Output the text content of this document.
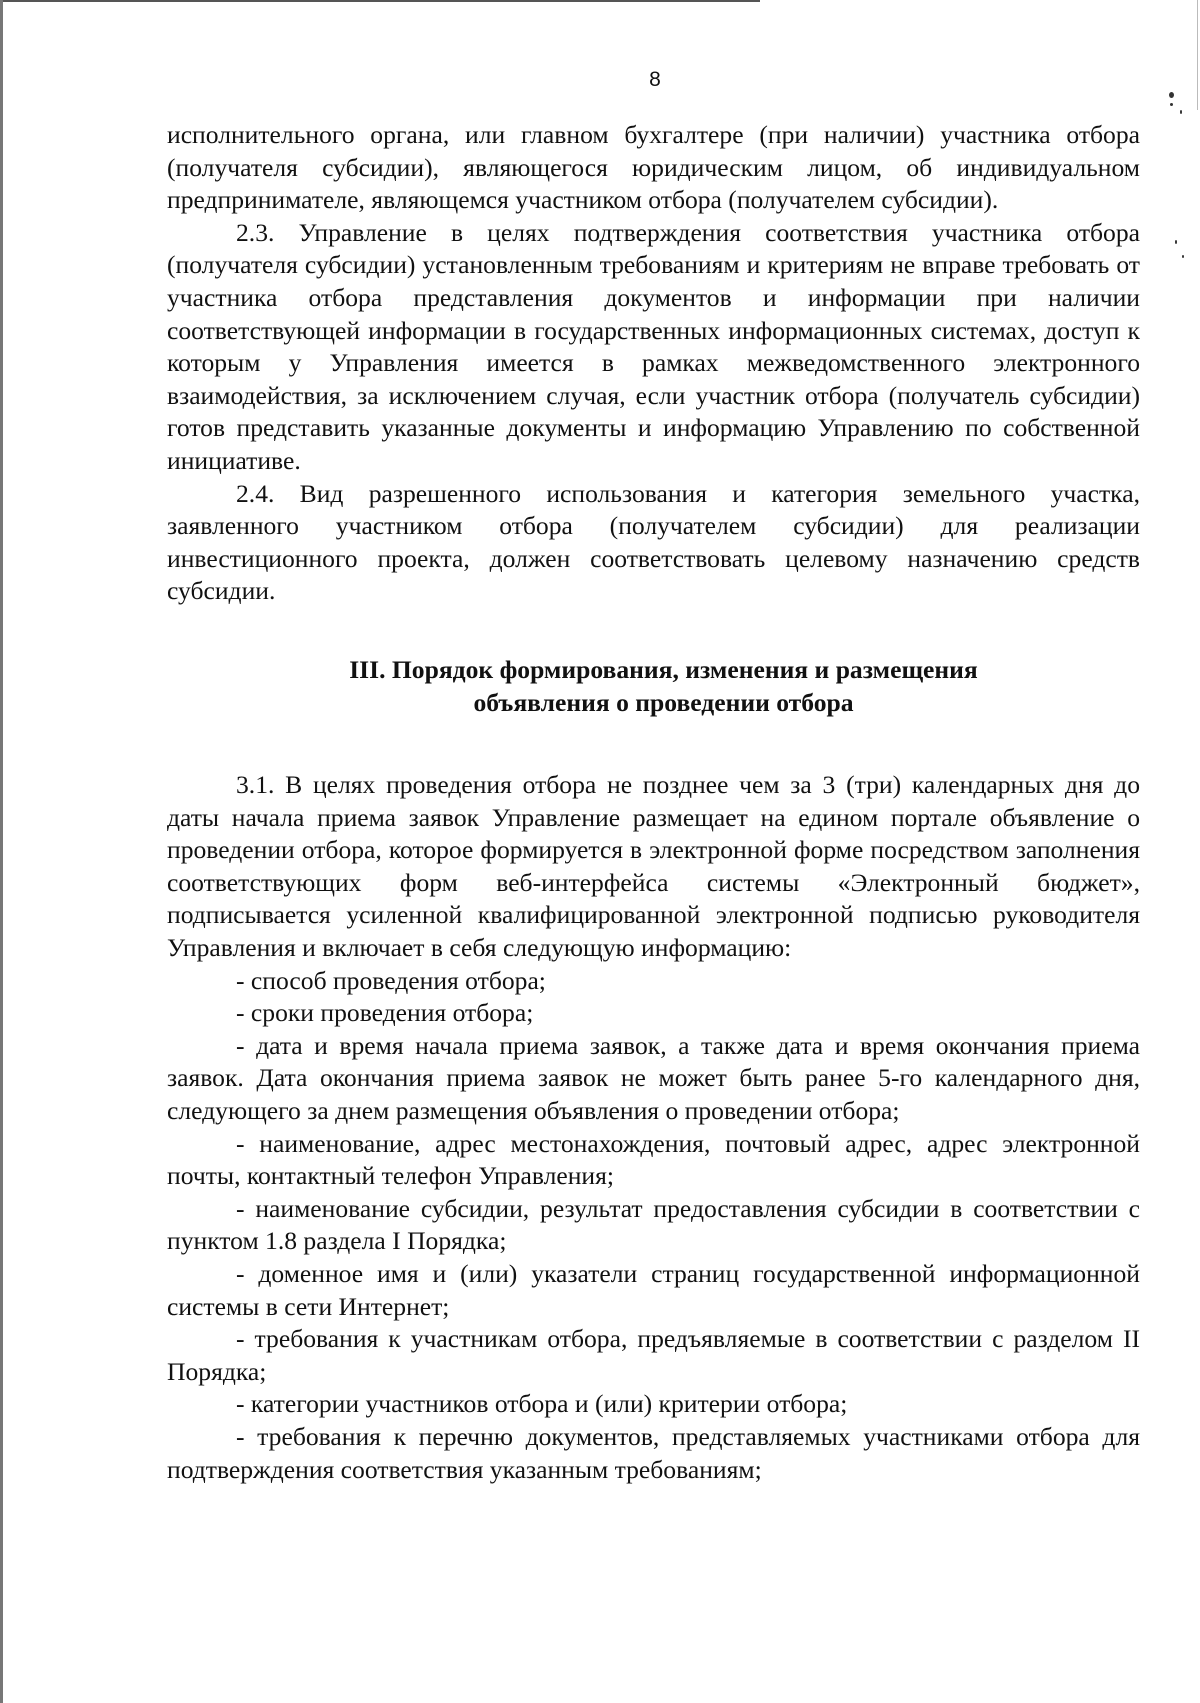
8

исполнительного органа, или главном бухгалтере (при наличии) участника отбора (получателя субсидии), являющегося юридическим лицом, об индивидуальном предпринимателе, являющемся участником отбора (получателем субсидии).

2.3. Управление в целях подтверждения соответствия участника отбора (получателя субсидии) установленным требованиям и критериям не вправе требовать от участника отбора представления документов и информации при наличии соответствующей информации в государственных информационных системах, доступ к которым у Управления имеется в рамках межведомственного электронного взаимодействия, за исключением случая, если участник отбора (получатель субсидии) готов представить указанные документы и информацию Управлению по собственной инициативе.

2.4. Вид разрешенного использования и категория земельного участка, заявленного участником отбора (получателем субсидии) для реализации инвестиционного проекта, должен соответствовать целевому назначению средств субсидии.

III. Порядок формирования, изменения и размещения
объявления о проведении отбора

3.1. В целях проведения отбора не позднее чем за 3 (три) календарных дня до даты начала приема заявок Управление размещает на едином портале объявление о проведении отбора, которое формируется в электронной форме посредством заполнения соответствующих форм веб-интерфейса системы «Электронный бюджет», подписывается усиленной квалифицированной электронной подписью руководителя Управления и включает в себя следующую информацию:

- способ проведения отбора;

- сроки проведения отбора;

- дата и время начала приема заявок, а также дата и время окончания приема заявок. Дата окончания приема заявок не может быть ранее 5-го календарного дня, следующего за днем размещения объявления о проведении отбора;

- наименование, адрес местонахождения, почтовый адрес, адрес электронной почты, контактный телефон Управления;

- наименование субсидии, результат предоставления субсидии в соответствии с пунктом 1.8 раздела I Порядка;

- доменное имя и (или) указатели страниц государственной информационной системы в сети Интернет;

- требования к участникам отбора, предъявляемые в соответствии с разделом II Порядка;

- категории участников отбора и (или) критерии отбора;

- требования к перечню документов, представляемых участниками отбора для подтверждения соответствия указанным требованиям;
